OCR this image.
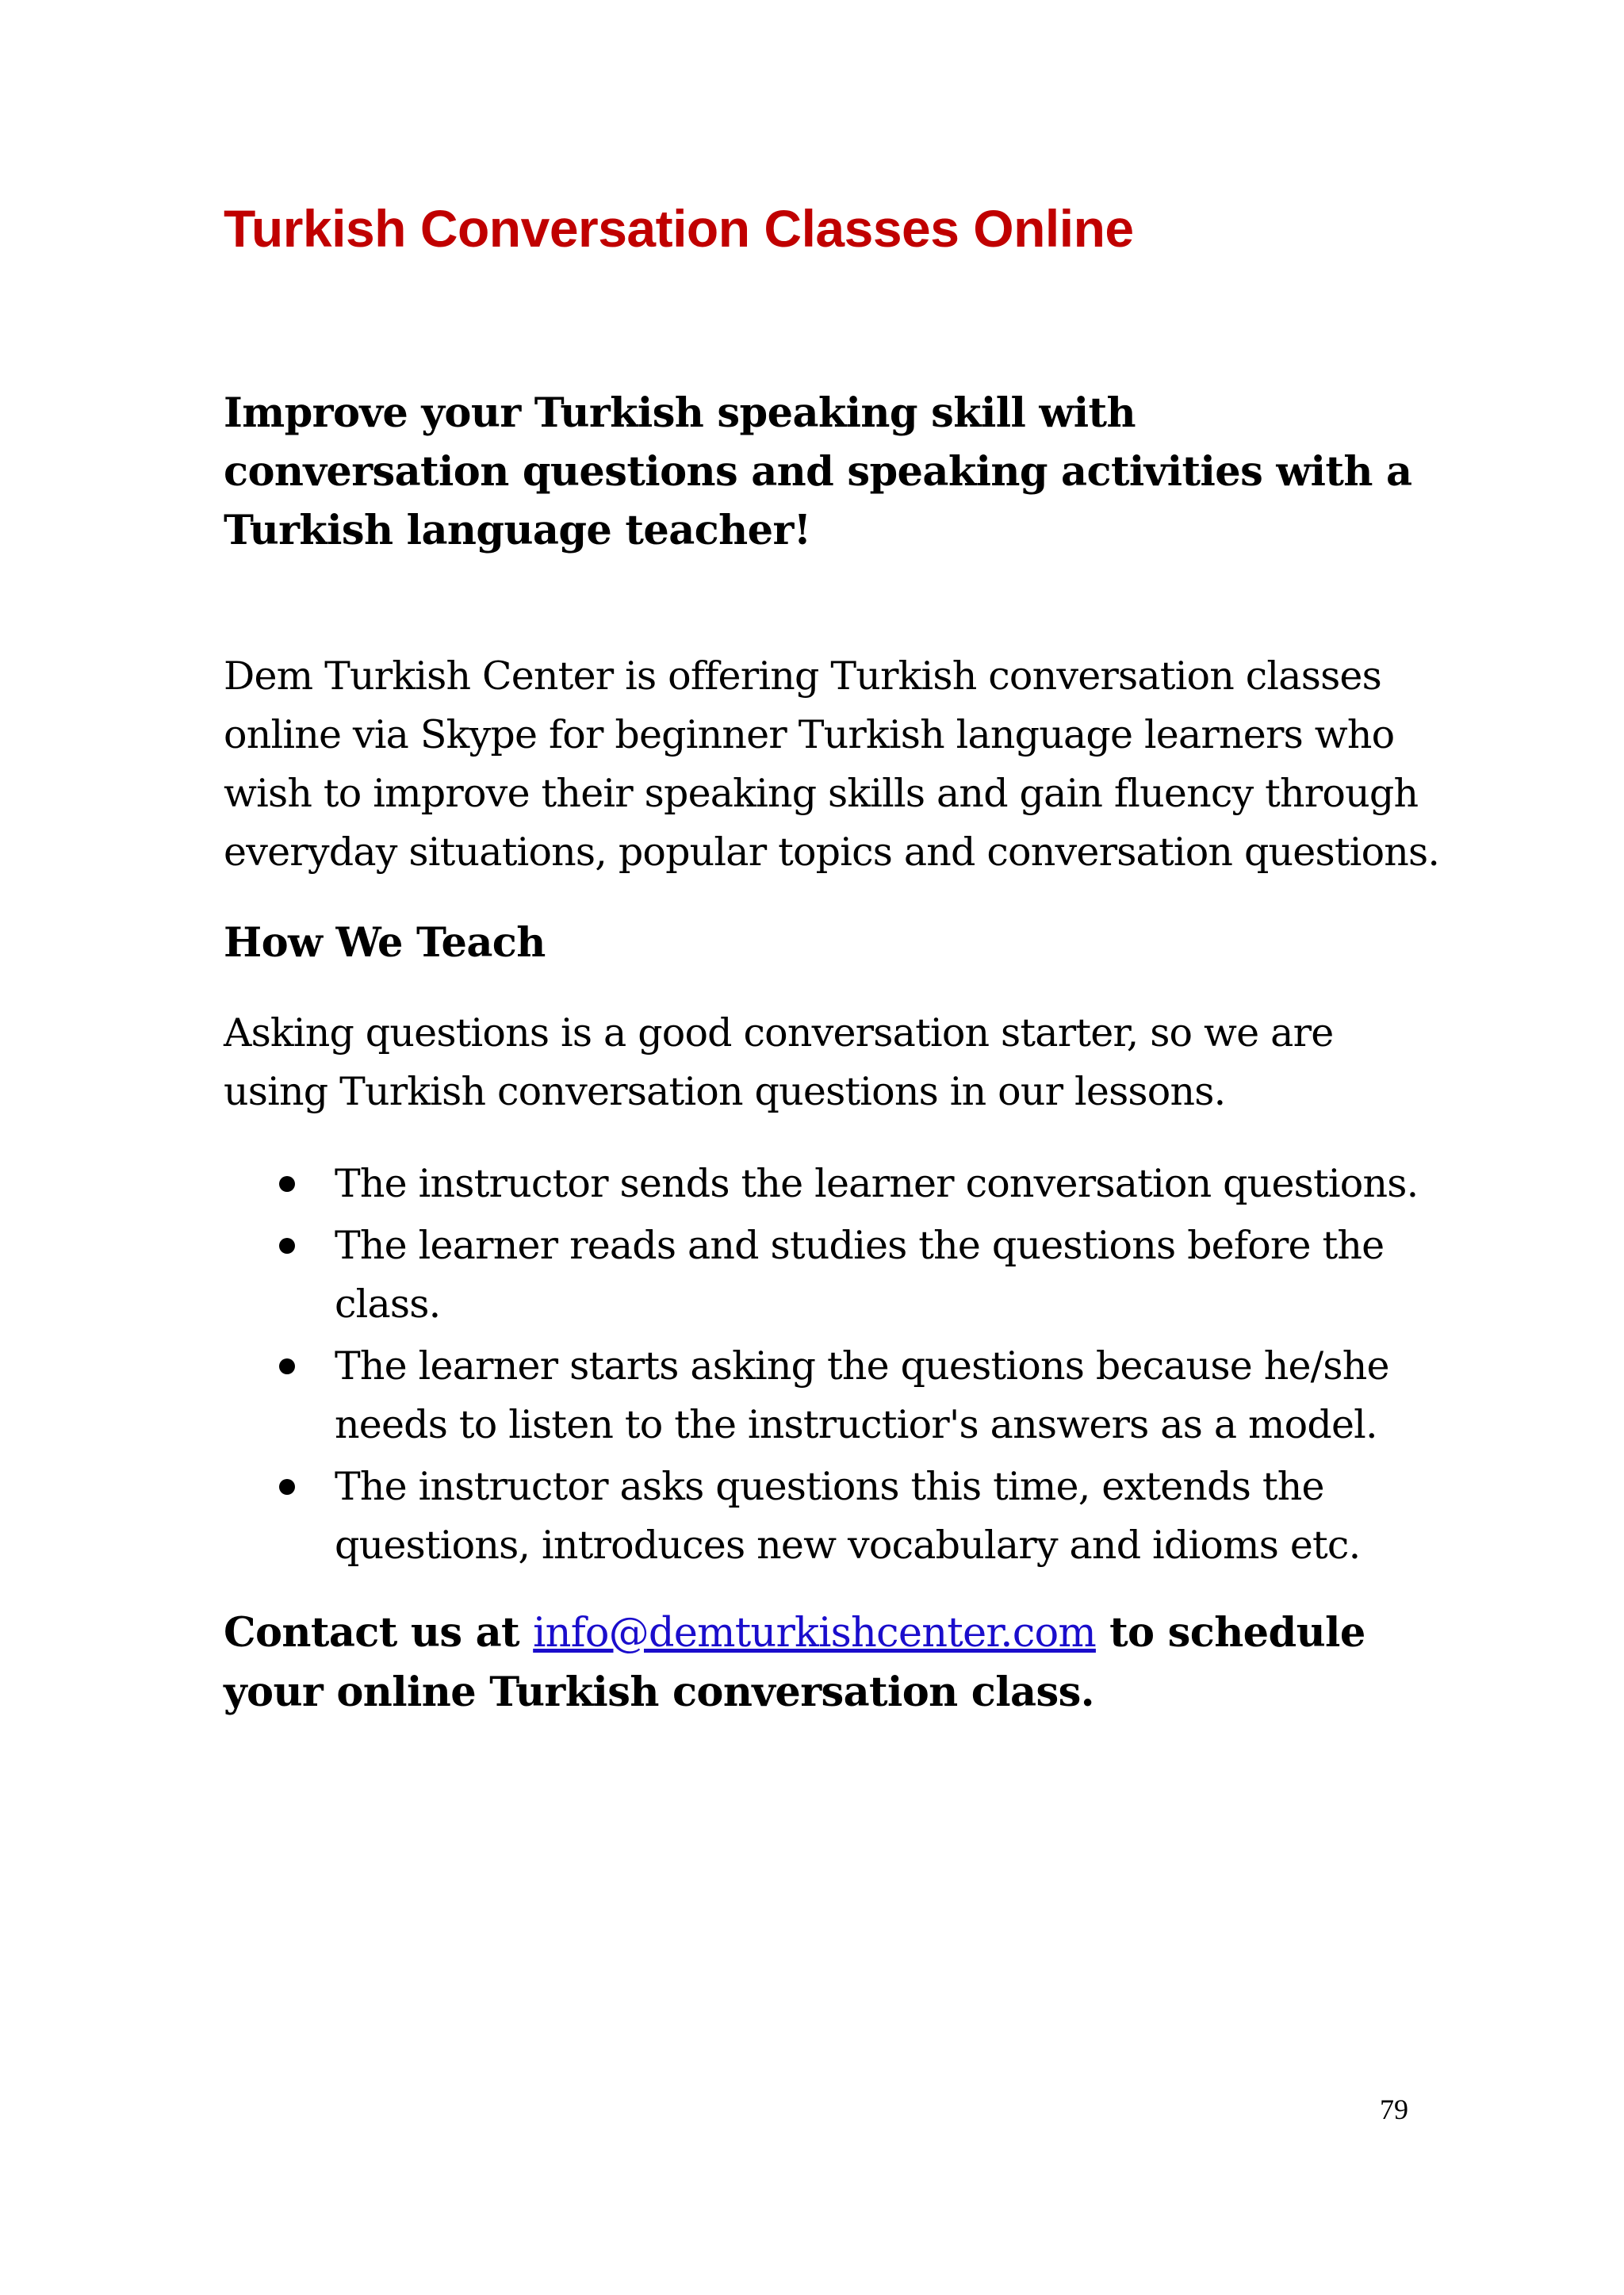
Turkish Conversation Classes Online

Improve your Turkish speaking skill with conversation questions and speaking activities with a Turkish language teacher!

Dem Turkish Center is offering Turkish conversation classes online via Skype for beginner Turkish language learners who wish to improve their speaking skills and gain fluency through everyday situations, popular topics and conversation questions.

How We Teach

Asking questions is a good conversation starter, so we are using Turkish conversation questions in our lessons.

The instructor sends the learner conversation questions.
The learner reads and studies the questions before the class.
The learner starts asking the questions because he/she needs to listen to the instructior's answers as a model.
The instructor asks questions this time, extends the questions, introduces new vocabulary and idioms etc.

Contact us at info@demturkishcenter.com to schedule your online Turkish conversation class.

79
